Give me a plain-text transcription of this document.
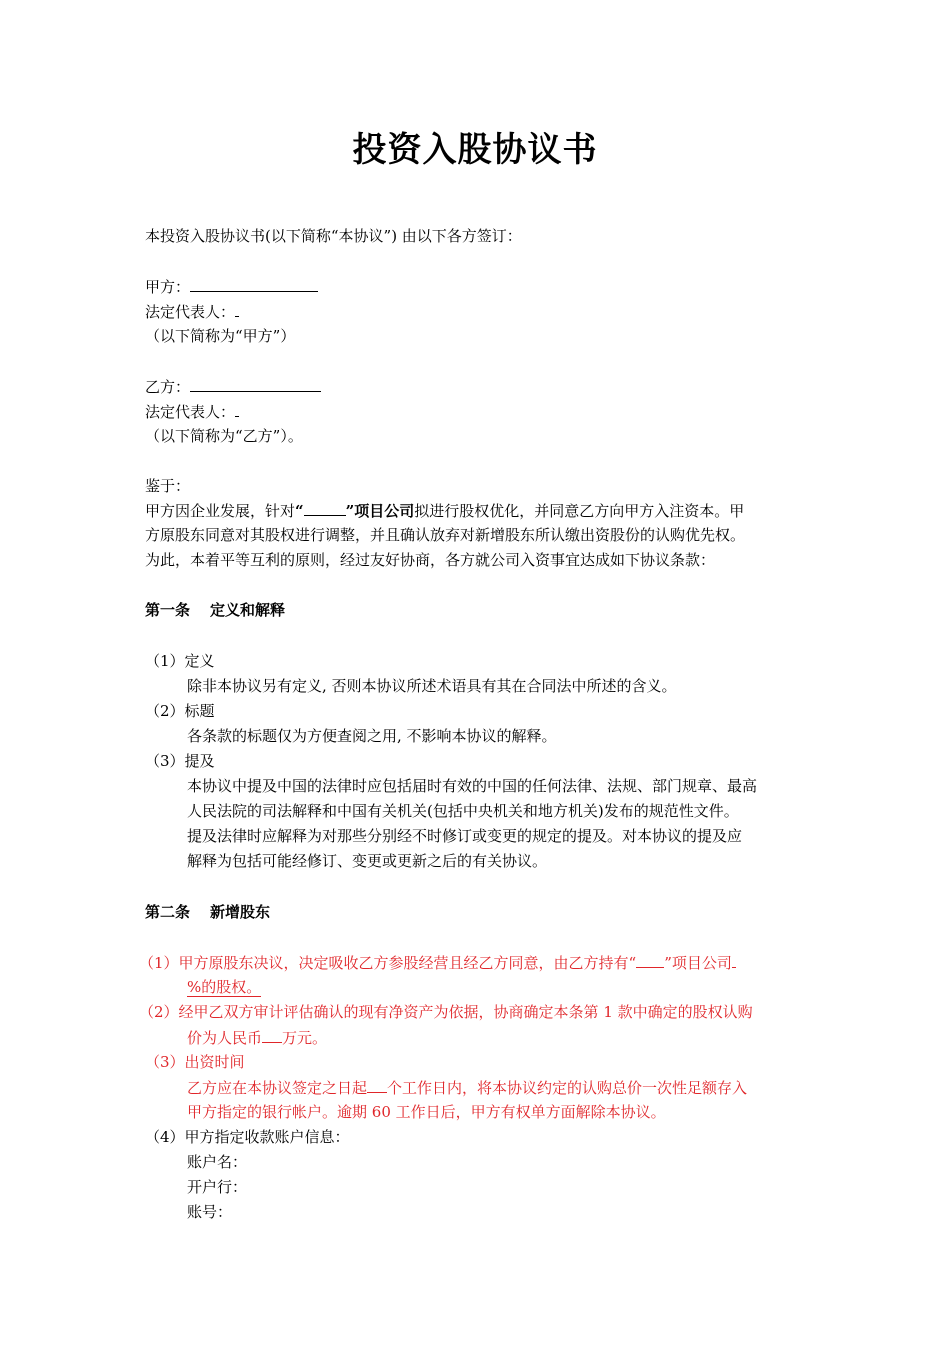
投资入股协议书
本投资入股协议书(以下简称“本协议”) 由以下各方签订：
甲方：
法定代表人：
（以下简称为“甲方”）
乙方：
法定代表人：
（以下简称为“乙方”）。
鉴于：
甲方因企业发展，针对“	”项目公司拟进行股权优化，并同意乙方向甲方入注资本。甲
方原股东同意对其股权进行调整，并且确认放弃对新增股东所认缴出资股份的认购优先权。
为此，本着平等互利的原则，经过友好协商，各方就公司入资事宜达成如下协议条款：
第一条 定义和解释
（1）定义
除非本协议另有定义, 否则本协议所述术语具有其在合同法中所述的含义。
（2）标题
各条款的标题仅为方便查阅之用, 不影响本协议的解释。
（3）提及
本协议中提及中国的法律时应包括届时有效的中国的任何法律、法规、部门规章、最高
人民法院的司法解释和中国有关机关(包括中央机关和地方机关)发布的规范性文件。
提及法律时应解释为对那些分别经不时修订或变更的规定的提及。对本协议的提及应
解释为包括可能经修订、变更或更新之后的有关协议。
第二条 新增股东
（1）甲方原股东决议，决定吸收乙方参股经营且经乙方同意，由乙方持有“ ”项目公司
%的股权。
（2）经甲乙双方审计评估确认的现有净资产为依据，协商确定本条第 1 款中确定的股权认购
价为人民币 万元。
（3）出资时间
乙方应在本协议签定之日起 个工作日内，将本协议约定的认购总价一次性足额存入
甲方指定的银行帐户。逾期 60 工作日后，甲方有权单方面解除本协议。
（4）甲方指定收款账户信息：
账户名：
开户行：
账号：
